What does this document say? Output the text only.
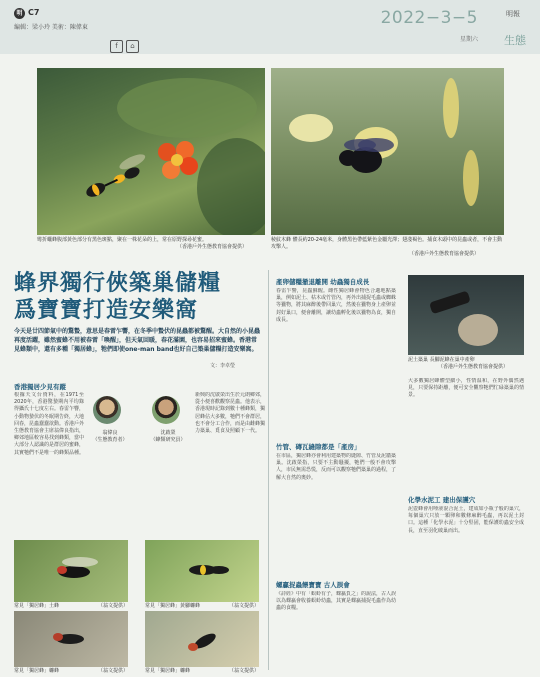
明 C7
編輯：梁小玲 美術：陳偉東
f ⌂
2022−3−5
星期六
明報
生態
彎折蠟蜂腹部黃色部分有黑色斑點，聚在一株花朵的上，常在原野探尋花蜜。
（香港戶外生態教育協會提供）
稜紋木蜂 體長約20-24毫米，身體黑色帶藍紫色金屬光澤；翅淺褐色。捕食木頭中的昆蟲或者，不會主動攻擊人。
（香港戶外生態教育協會提供）
蜂界獨行俠築巢儲糧
爲寶寶打造安樂窩
今天是廿四節氣中的驚蟄，意思是春雷乍響，在冬季中蟄伏的昆蟲都被驚醒。大自然的小昆蟲再度活躍，雖然蜜蜂不用被春雷「喚醒」，但天氣回暖，春花滿園，也容易招來蜜蜂。香港常見蜂類中，還有多種「獨居蜂」，牠們即使one-man band也好自己築巢儲糧打造安樂窩。
文：李卓瑩
香港獨居少見有蹤
根據天文台資料，在1971至2020年，香港驚蟄期內平均錄得攝氏十七度左右。春雷乍響，小動物蟄伏的冬眠期告終，大地回春，昆蟲蠢蠢欲動。香港戶外生態教育協會主席翁偉良指出，鄉郊地區較容易找到蜂類，當中大部分人認識的是群居的蜜蜂，其實牠們不是唯一的蜂類品種。
翁偉良
（生態教育者）
沈啟榮
（蜂類研究員）
新興的沈啟榮出生於元朗鄉郊，從小便喜歡觀察昆蟲。他表示，香港現時記錄到數十種蜂類，獨居蜂佔大多數，牠們不會群居，也不會分工合作，而是由雌蜂獨力築巢、覓食及照顧下一代。
常見「獨居蜂」土蜂	（翁文提供）	常見「獨居蜂」黃腳蠊蜂	（翁文提供）
常見「獨居蜂」蠊蜂	（翁文提供）	常見「獨居蜂」蠊蜂	（翁文提供）
產卵儲糧撤退離開 幼蟲獨自成長
春雷乍響，昆蟲蘇醒。雌性獨居蜂會物色合適地點築巢，例如泥土、枯木或竹管內，再外出捕捉毛蟲或蜘蛛等獵物，將其麻醉後帶回巢穴，然後在獵物身上產卵並封好巢口，便會離開，讓幼蟲孵化後以獵物為食，獨自成長。
竹管、磚瓦縫隙都是「產房」
在市區，獨居蜂亦會利用建築物的縫隙、竹管及泥牆築巢。沈啟榮指，只要不主動騷擾，牠們一般不會攻擊人，市民無需恐慌，反而可以觀察牠們築巢的過程，了解大自然的奧妙。
螺贏捉蟲餵寶寶 古人誤會
《詩經》中有「螟蛉有子，蜾蠃負之」的說法，古人誤以為蜾蠃會收養螟蛉幼蟲，其實是蜾蠃捕捉毛蟲作為幼蟲的食糧。
泥土築巢 長腳泥蜂在巢中產卵
（香港戶外生態教育協會提供）
大多數獨居蜂體型細小，性情温和，在野外偶然遇見，只要保持距離，便可安全觀察牠們忙碌築巢的情景。
化學水泥工 建出保護穴
泥壺蜂會用唾液混合泥土，建成如小瓶子般的巢穴，每個巢穴只放一顆卵和數條麻醉毛蟲，再以泥土封口。這種「化學水泥」十分堅固，能保護幼蟲安全成長，直至羽化破巢而出。
